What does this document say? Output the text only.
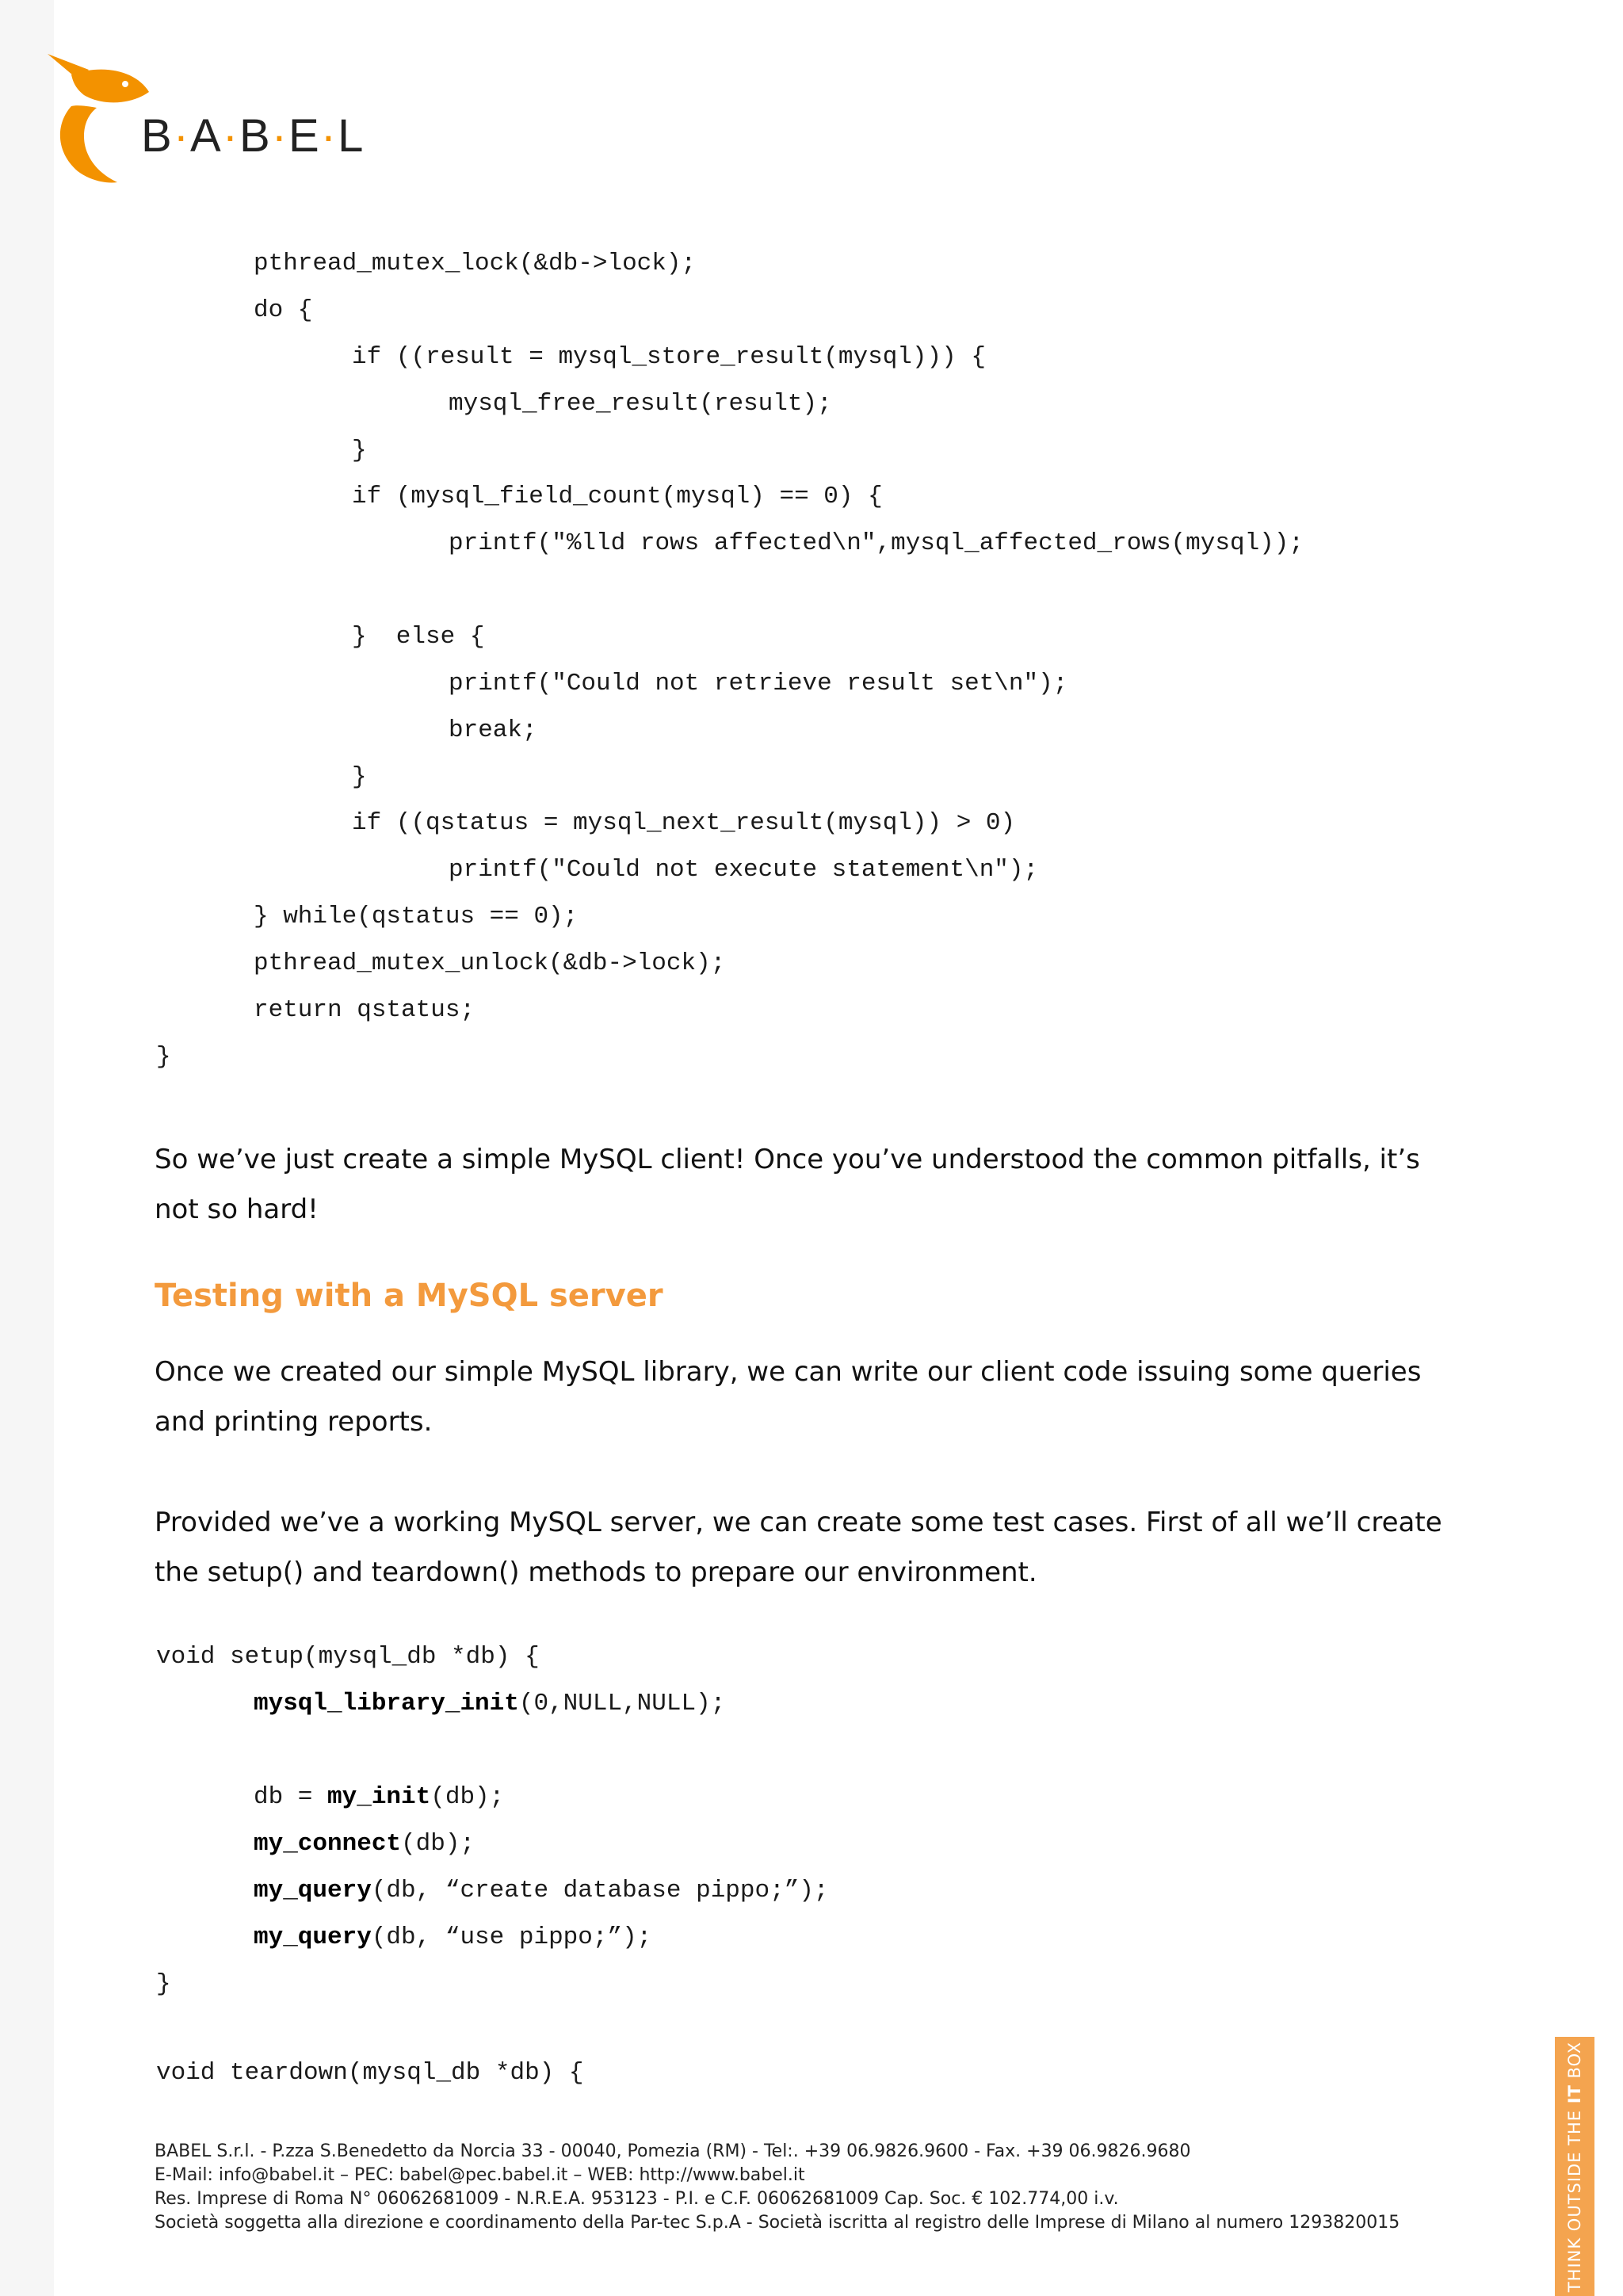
B·A·B·E·L

pthread_mutex_lock(&db->lock);

do {

if ((result = mysql_store_result(mysql))) {

mysql_free_result(result);

}

if (mysql_field_count(mysql) == 0) {

printf("%lld rows affected\n",mysql_affected_rows(mysql));

}  else {

printf("Could not retrieve result set\n");

break;

}

if ((qstatus = mysql_next_result(mysql)) > 0)

printf("Could not execute statement\n");

} while(qstatus == 0);

pthread_mutex_unlock(&db->lock);

return qstatus;

}

So we’ve just create a simple MySQL client! Once you’ve understood the common pitfalls, it’s not so hard!

Testing with a MySQL server

Once we created our simple MySQL library, we can write our client code issuing some queries and printing reports.

Provided we’ve a working MySQL server, we can create some test cases. First of all we’ll create the setup() and teardown() methods to prepare our environment.

void setup(mysql_db *db) {

mysql_library_init(0,NULL,NULL);

db = my_init(db);

my_connect(db);

my_query(db, “create database pippo;”);

my_query(db, “use pippo;”);

}

void teardown(mysql_db *db) {

BABEL S.r.l. - P.zza S.Benedetto da Norcia 33 - 00040, Pomezia (RM) - Tel:. +39 06.9826.9600 - Fax. +39 06.9826.9680
E-Mail: info@babel.it – PEC: babel@pec.babel.it – WEB: http://www.babel.it
Res. Imprese di Roma N° 06062681009 - N.R.E.A. 953123 - P.I. e C.F. 06062681009 Cap. Soc. € 102.774,00 i.v.
Società soggetta alla direzione e coordinamento della Par-tec S.p.A - Società iscritta al registro delle Imprese di Milano al numero 1293820015	THINK OUTSIDE THE IT BOX
